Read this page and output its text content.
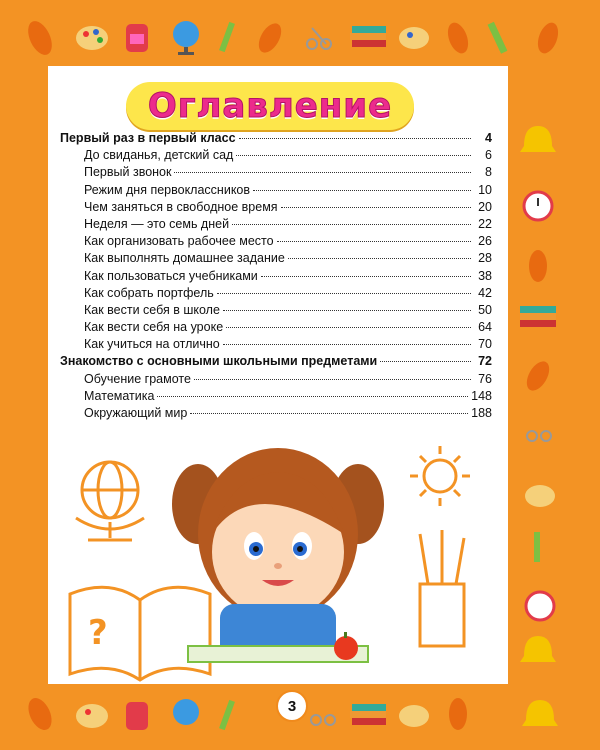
Оглавление
Первый раз в первый класс	4
До свиданья, детский сад	6
Первый звонок	8
Режим дня первоклассников	10
Чем заняться в свободное время	20
Неделя — это семь дней	22
Как организовать рабочее место	26
Как выполнять домашнее задание	28
Как пользоваться учебниками	38
Как собрать портфель	42
Как вести себя в школе	50
Как вести себя на уроке	64
Как учиться на отлично	70
Знакомство с основными школьными предметами	72
Обучение грамоте	76
Математика	148
Окружающий мир	188
?
3
